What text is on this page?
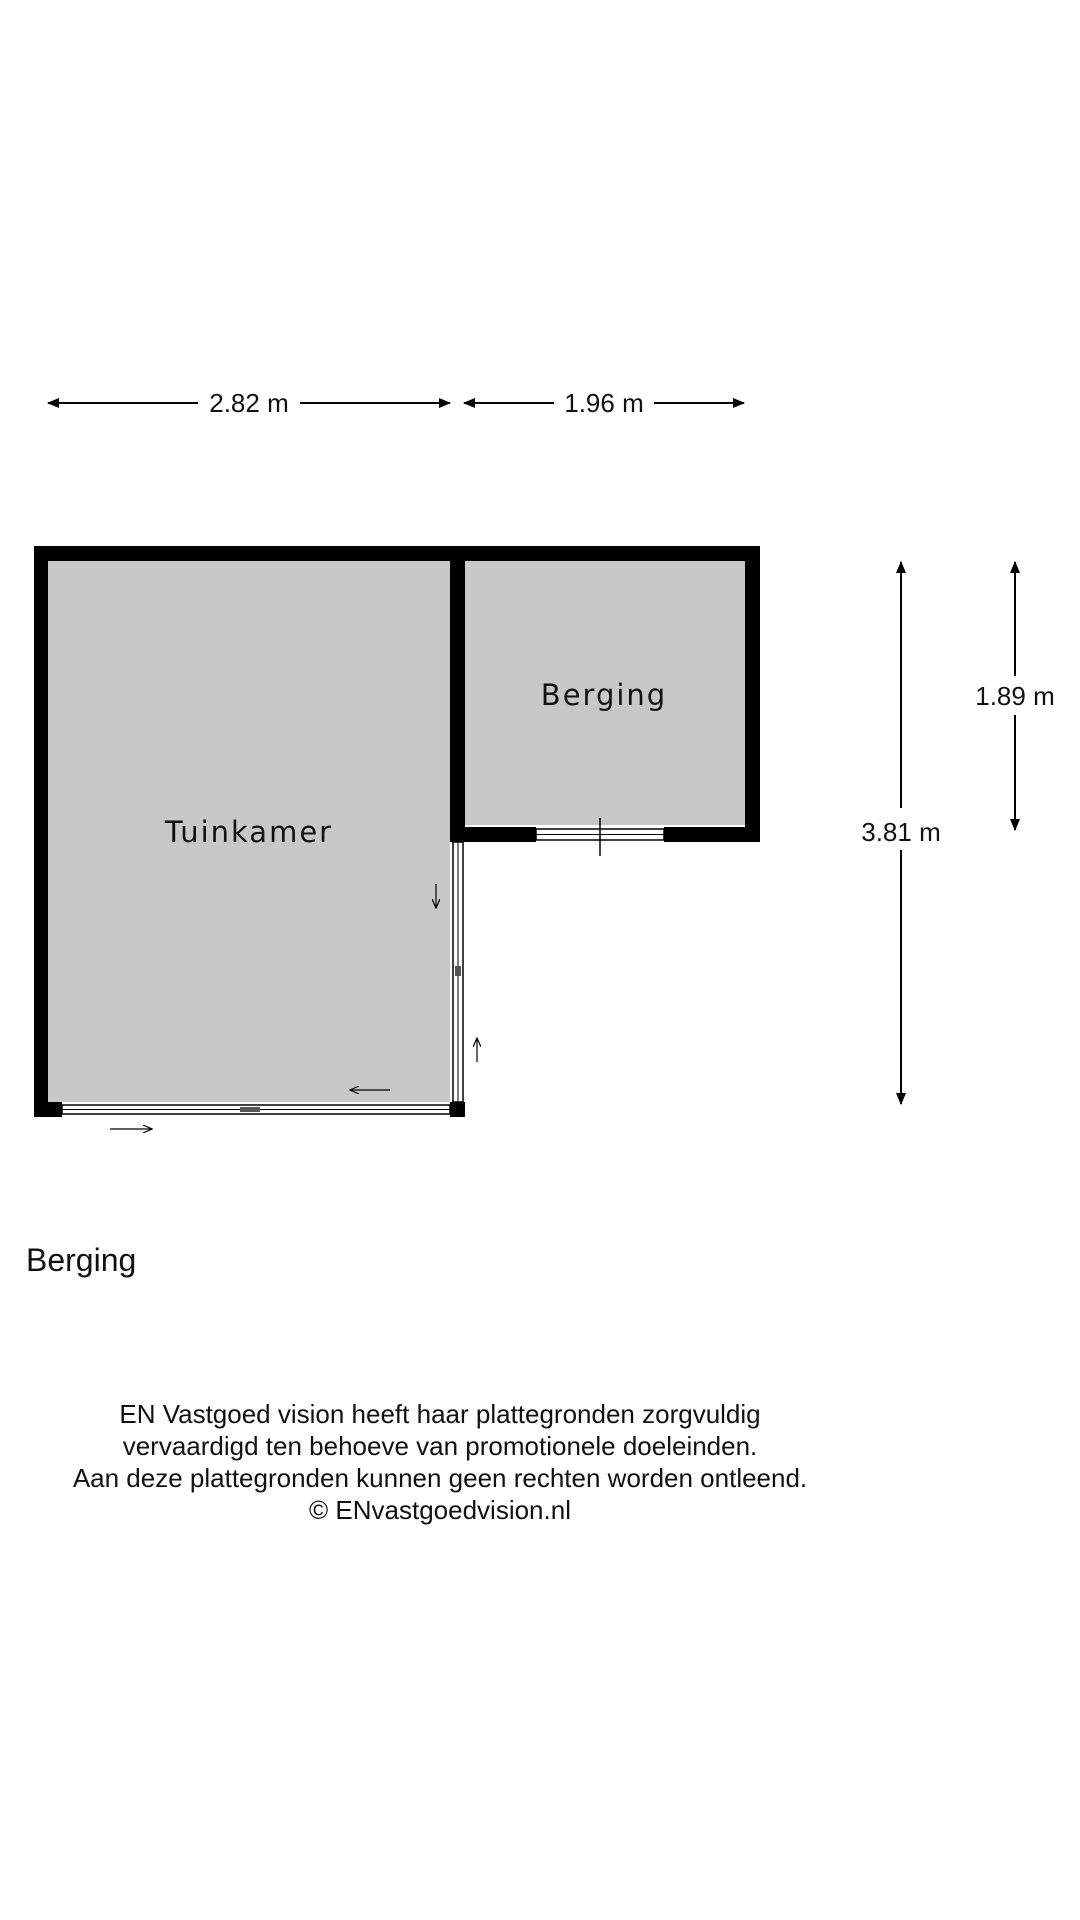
2.82 m	1.96 m
3.81 m
1.89 m
Tuinkamer
Berging
Berging
EN Vastgoed vision heeft haar plattegronden zorgvuldig
vervaardigd ten behoeve van promotionele doeleinden.
Aan deze plattegronden kunnen geen rechten worden ontleend.
© ENvastgoedvision.nl
